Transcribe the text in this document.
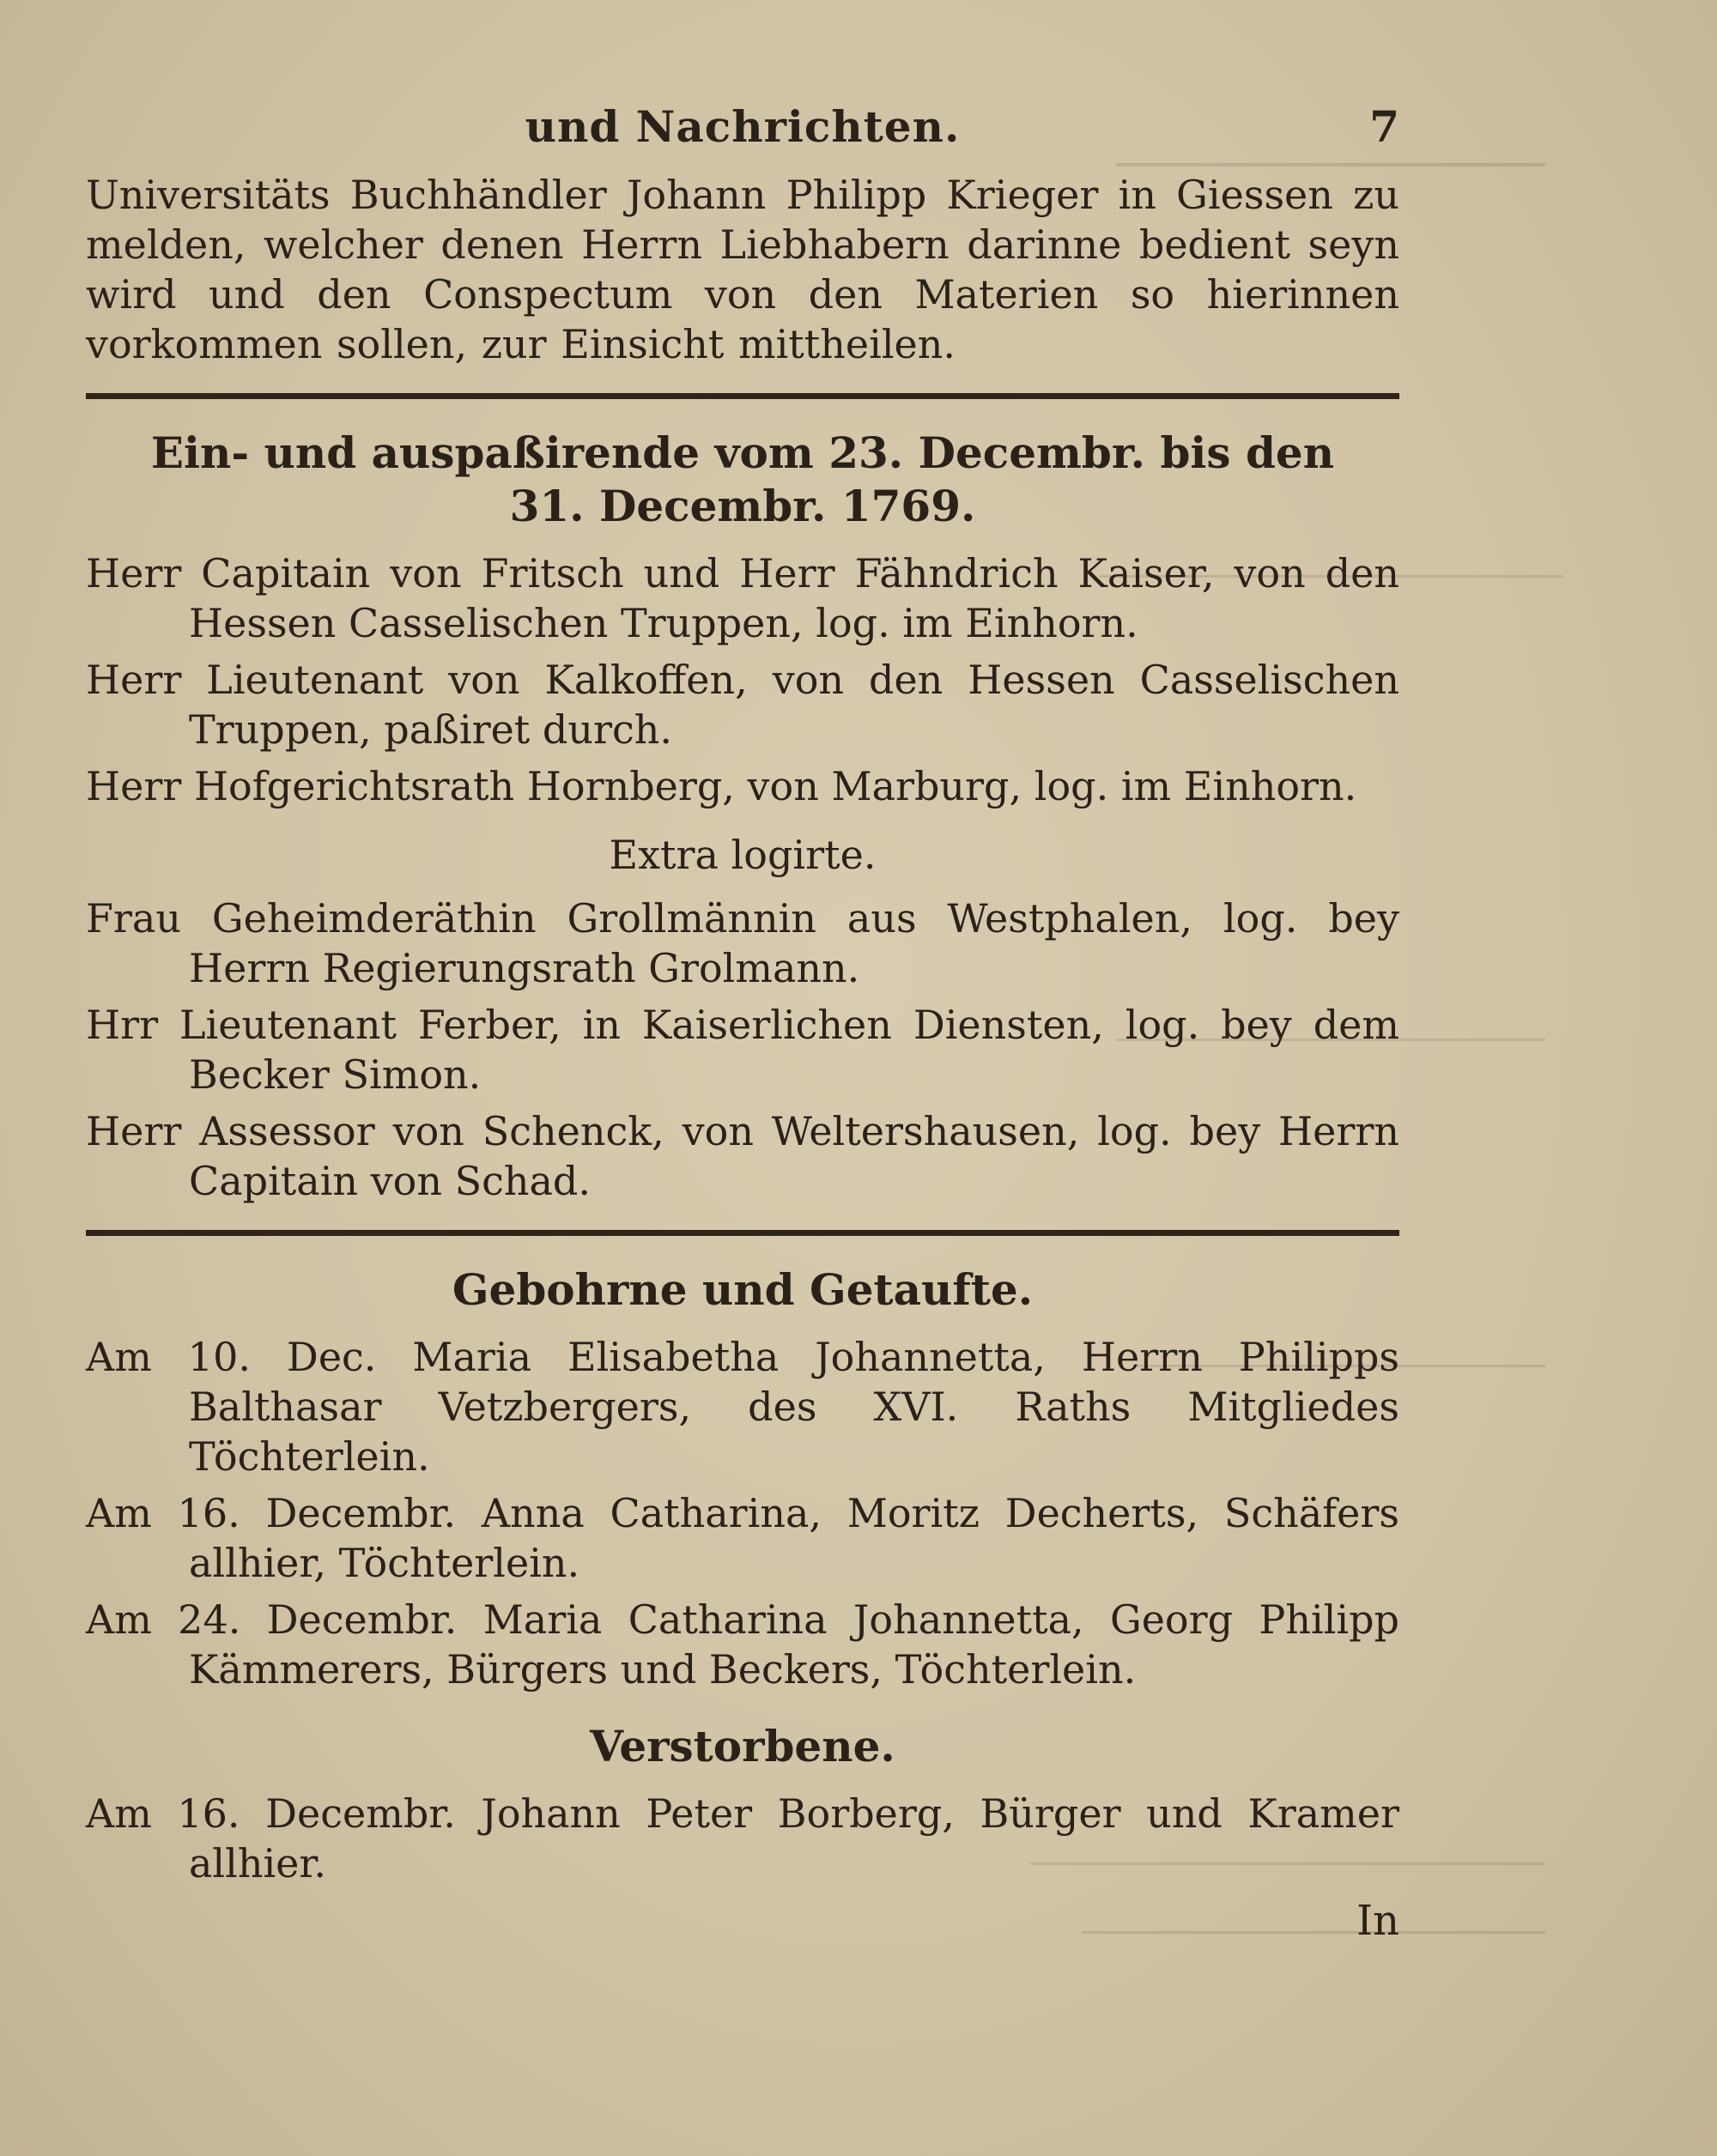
und Nachrichten.	7

Universitäts Buchhändler Johann Philipp Krieger in Giessen zu melden, welcher denen Herrn Liebhabern darinne bedient seyn wird und den Conspectum von den Materien so hierinnen vorkommen sollen, zur Einsicht mittheilen.

Ein- und auspaßirende vom 23. Decembr. bis den 31. Decembr. 1769.

Herr Capitain von Fritsch und Herr Fähndrich Kaiser, von den Hessen Casselischen Truppen, log. im Einhorn.

Herr Lieutenant von Kalkoffen, von den Hessen Casselischen Truppen, paßiret durch.

Herr Hofgerichtsrath Hornberg, von Marburg, log. im Einhorn.

Extra logirte.

Frau Geheimderäthin Grollmännin aus Westphalen, log. bey Herrn Regierungsrath Grolmann.

Hrr Lieutenant Ferber, in Kaiserlichen Diensten, log. bey dem Becker Simon.

Herr Assessor von Schenck, von Weltershausen, log. bey Herrn Capitain von Schad.

Gebohrne und Getaufte.

Am 10. Dec. Maria Elisabetha Johannetta, Herrn Philipps Balthasar Vetzbergers, des XVI. Raths Mitgliedes Töchterlein.

Am 16. Decembr. Anna Catharina, Moritz Decherts, Schäfers allhier, Töchterlein.

Am 24. Decembr. Maria Catharina Johannetta, Georg Philipp Kämmerers, Bürgers und Beckers, Töchterlein.

Verstorbene.

Am 16. Decembr. Johann Peter Borberg, Bürger und Kramer allhier.

In
